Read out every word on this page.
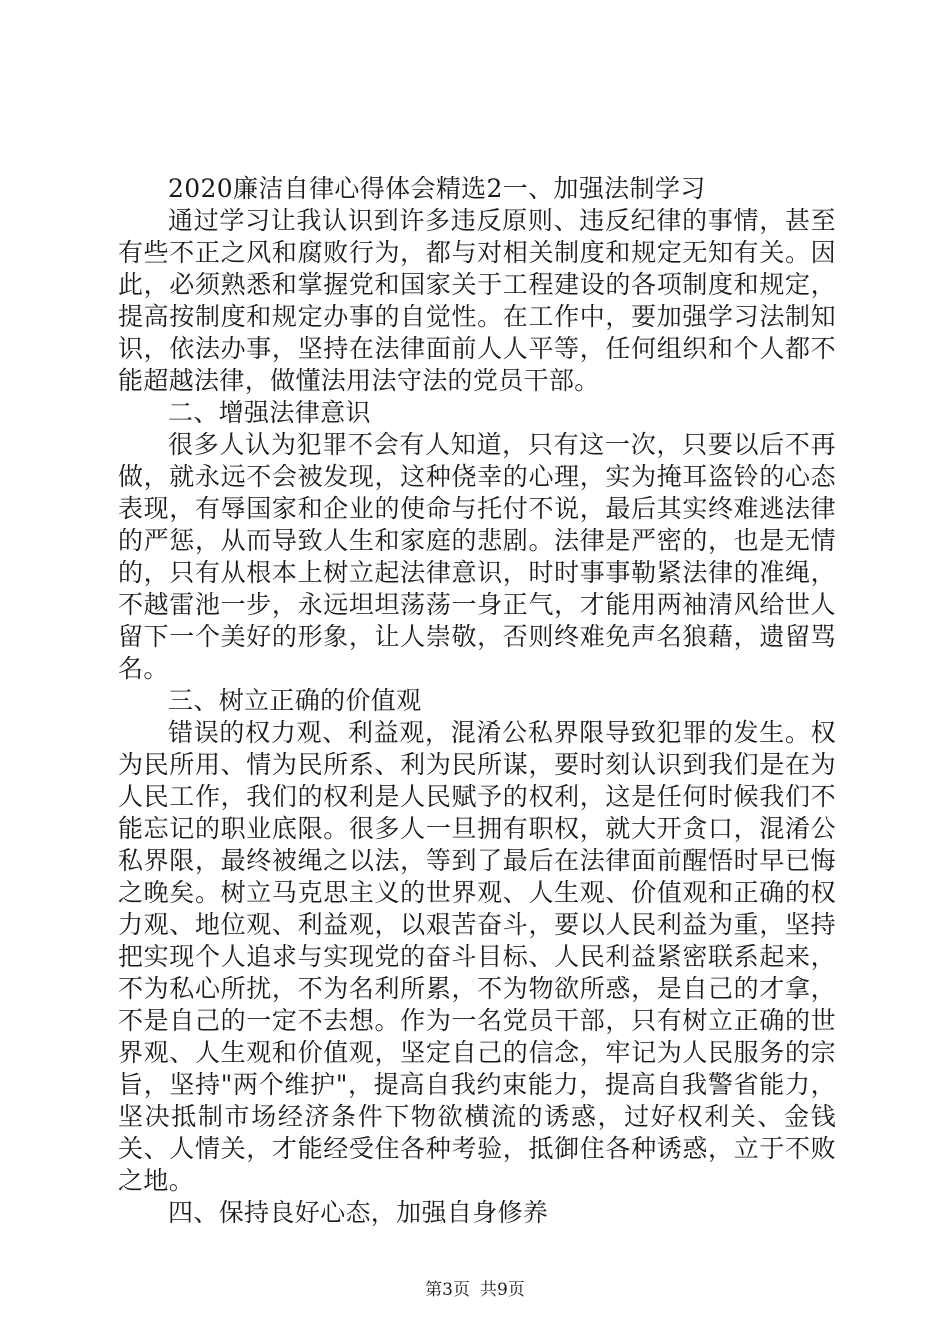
2020廉洁自律心得体会精选2一、加强法制学习

通过学习让我认识到许多违反原则、违反纪律的事情，甚至有些不正之风和腐败行为，都与对相关制度和规定无知有关。因此，必须熟悉和掌握党和国家关于工程建设的各项制度和规定，提高按制度和规定办事的自觉性。在工作中，要加强学习法制知识，依法办事，坚持在法律面前人人平等，任何组织和个人都不能超越法律，做懂法用法守法的党员干部。

二、增强法律意识

很多人认为犯罪不会有人知道，只有这一次，只要以后不再做，就永远不会被发现，这种侥幸的心理，实为掩耳盗铃的心态表现，有辱国家和企业的使命与托付不说，最后其实终难逃法律的严惩，从而导致人生和家庭的悲剧。法律是严密的，也是无情的，只有从根本上树立起法律意识，时时事事勒紧法律的准绳，不越雷池一步，永远坦坦荡荡一身正气，才能用两袖清风给世人留下一个美好的形象，让人崇敬，否则终难免声名狼藉，遗留骂名。

三、树立正确的价值观

错误的权力观、利益观，混淆公私界限导致犯罪的发生。权为民所用、情为民所系、利为民所谋，要时刻认识到我们是在为人民工作，我们的权利是人民赋予的权利，这是任何时候我们不能忘记的职业底限。很多人一旦拥有职权，就大开贪口，混淆公私界限，最终被绳之以法，等到了最后在法律面前醒悟时早已悔之晚矣。树立马克思主义的世界观、人生观、价值观和正确的权力观、地位观、利益观，以艰苦奋斗，要以人民利益为重，坚持把实现个人追求与实现党的奋斗目标、人民利益紧密联系起来，不为私心所扰，不为名利所累，不为物欲所惑，是自己的才拿，不是自己的一定不去想。作为一名党员干部，只有树立正确的世界观、人生观和价值观，坚定自己的信念，牢记为人民服务的宗旨，坚持"两个维护"，提高自我约束能力，提高自我警省能力，坚决抵制市场经济条件下物欲横流的诱惑，过好权利关、金钱关、人情关，才能经受住各种考验，抵御住各种诱惑，立于不败之地。

四、保持良好心态，加强自身修养

第3页 共9页
